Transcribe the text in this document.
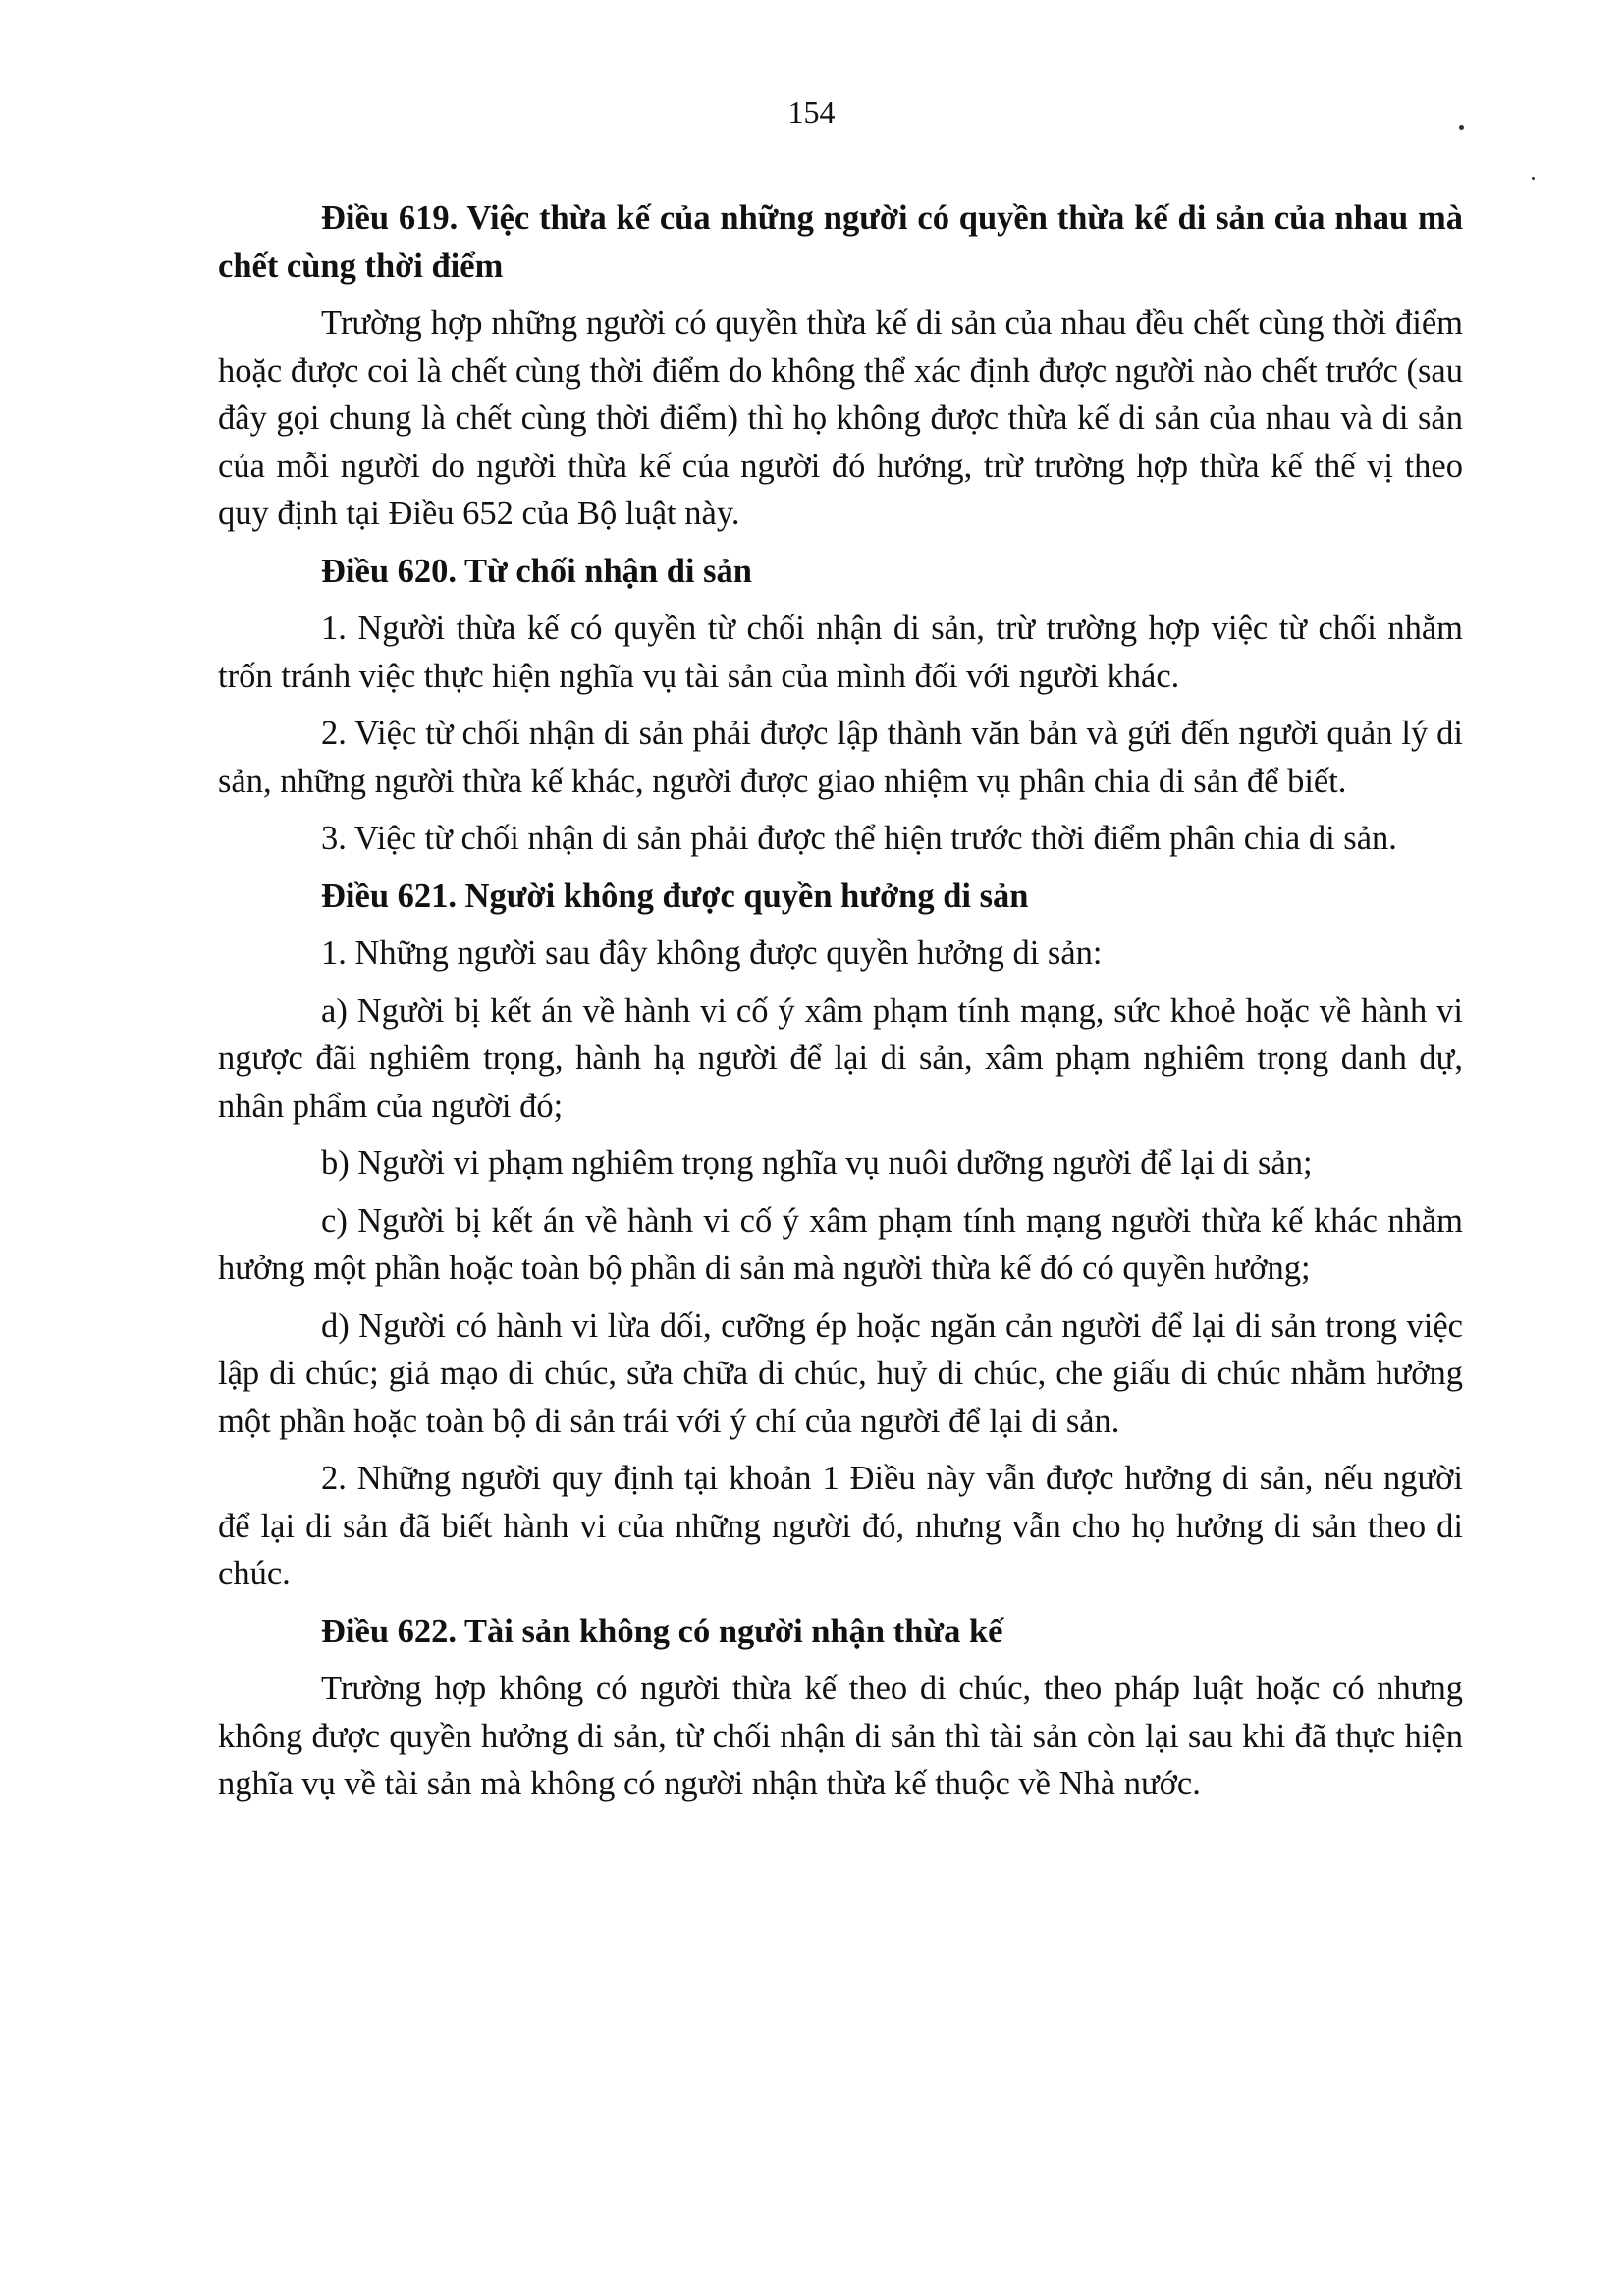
154

Điều 619. Việc thừa kế của những người có quyền thừa kế di sản của nhau mà chết cùng thời điểm

Trường hợp những người có quyền thừa kế di sản của nhau đều chết cùng thời điểm hoặc được coi là chết cùng thời điểm do không thể xác định được người nào chết trước (sau đây gọi chung là chết cùng thời điểm) thì họ không được thừa kế di sản của nhau và di sản của mỗi người do người thừa kế của người đó hưởng, trừ trường hợp thừa kế thế vị theo quy định tại Điều 652 của Bộ luật này.

Điều 620. Từ chối nhận di sản

1. Người thừa kế có quyền từ chối nhận di sản, trừ trường hợp việc từ chối nhằm trốn tránh việc thực hiện nghĩa vụ tài sản của mình đối với người khác.

2. Việc từ chối nhận di sản phải được lập thành văn bản và gửi đến người quản lý di sản, những người thừa kế khác, người được giao nhiệm vụ phân chia di sản để biết.

3. Việc từ chối nhận di sản phải được thể hiện trước thời điểm phân chia di sản.

Điều 621. Người không được quyền hưởng di sản

1. Những người sau đây không được quyền hưởng di sản:

a) Người bị kết án về hành vi cố ý xâm phạm tính mạng, sức khoẻ hoặc về hành vi ngược đãi nghiêm trọng, hành hạ người để lại di sản, xâm phạm nghiêm trọng danh dự, nhân phẩm của người đó;

b) Người vi phạm nghiêm trọng nghĩa vụ nuôi dưỡng người để lại di sản;

c) Người bị kết án về hành vi cố ý xâm phạm tính mạng người thừa kế khác nhằm hưởng một phần hoặc toàn bộ phần di sản mà người thừa kế đó có quyền hưởng;

d) Người có hành vi lừa dối, cưỡng ép hoặc ngăn cản người để lại di sản trong việc lập di chúc; giả mạo di chúc, sửa chữa di chúc, huỷ di chúc, che giấu di chúc nhằm hưởng một phần hoặc toàn bộ di sản trái với ý chí của người để lại di sản.

2. Những người quy định tại khoản 1 Điều này vẫn được hưởng di sản, nếu người để lại di sản đã biết hành vi của những người đó, nhưng vẫn cho họ hưởng di sản theo di chúc.

Điều 622. Tài sản không có người nhận thừa kế

Trường hợp không có người thừa kế theo di chúc, theo pháp luật hoặc có nhưng không được quyền hưởng di sản, từ chối nhận di sản thì tài sản còn lại sau khi đã thực hiện nghĩa vụ về tài sản mà không có người nhận thừa kế thuộc về Nhà nước.
